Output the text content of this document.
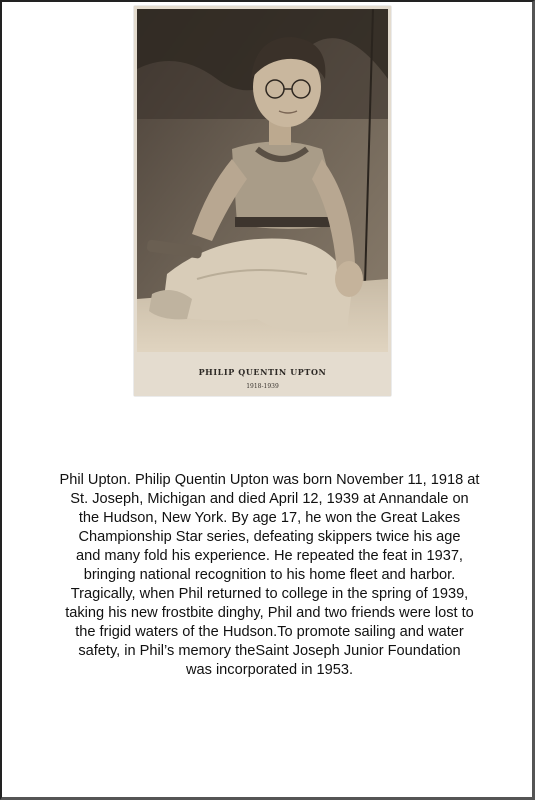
PHILIP QUENTIN UPTON
1918-1939
Phil Upton. Philip Quentin Upton was born November 11, 1918 at
St. Joseph, Michigan and died April 12, 1939 at Annandale on
the Hudson, New York. By age 17, he won the Great Lakes
Championship Star series, defeating skippers twice his age
and many fold his experience. He repeated the feat in 1937,
bringing national recognition to his home fleet and harbor.
Tragically, when Phil returned to college in the spring of 1939,
taking his new frostbite dinghy, Phil and two friends were lost to
the frigid waters of the Hudson.To promote sailing and water
safety, in Phil’s memory theSaint Joseph Junior Foundation
was incorporated in 1953.
